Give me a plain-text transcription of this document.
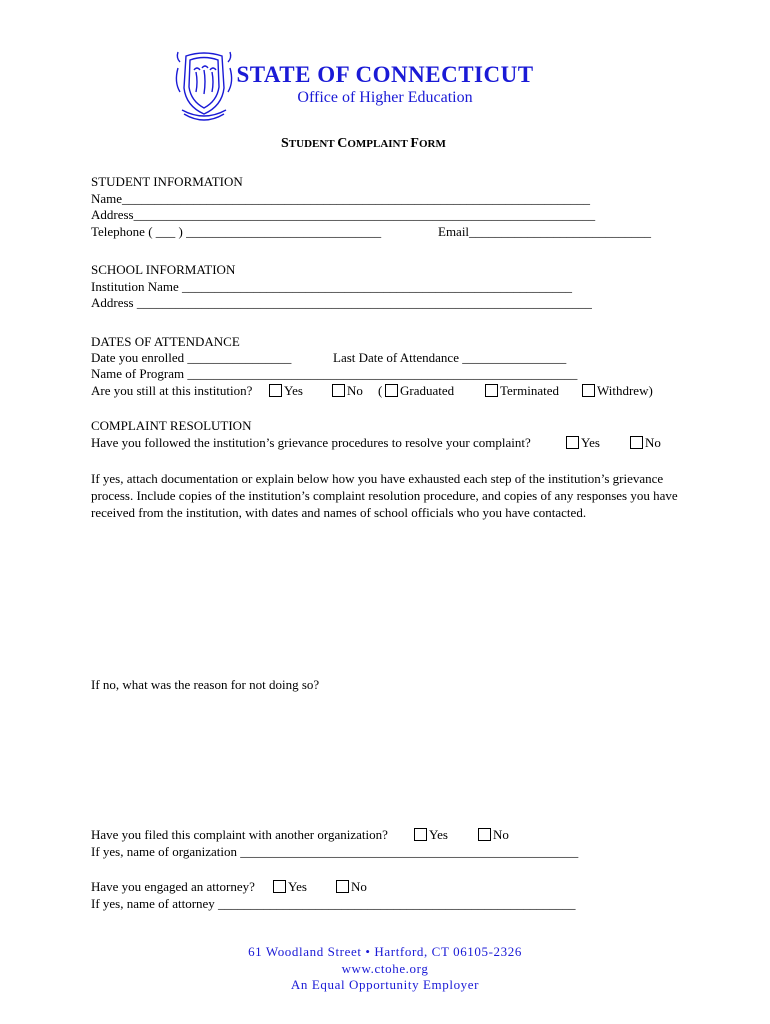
STATE OF CONNECTICUT
Office of Higher Education
STUDENT COMPLAINT FORM
STUDENT INFORMATION
Name________________________________________________________________________
Address_______________________________________________________________________
Telephone ( ___ ) ______________________________	Email____________________________
SCHOOL INFORMATION
Institution Name ____________________________________________________________
Address ______________________________________________________________________
DATES OF ATTENDANCE
Date you enrolled ________________	Last Date of Attendance ________________
Name of Program ____________________________________________________________
Are you still at this institution?	Yes	No (	Graduated	Terminated	Withdrew)
COMPLAINT RESOLUTION
Have you followed the institution’s grievance procedures to resolve your complaint?	Yes	No
If yes, attach documentation or explain below how you have exhausted each step of the institution’s grievance process. Include copies of the institution’s complaint resolution procedure, and copies of any responses you have received from the institution, with dates and names of school officials who you have contacted.
If no, what was the reason for not doing so?
Have you filed this complaint with another organization?	Yes	No
If yes, name of organization ____________________________________________________
Have you engaged an attorney?	Yes	No
If yes, name of attorney _______________________________________________________
61 Woodland Street • Hartford, CT 06105-2326
www.ctohe.org
An Equal Opportunity Employer
